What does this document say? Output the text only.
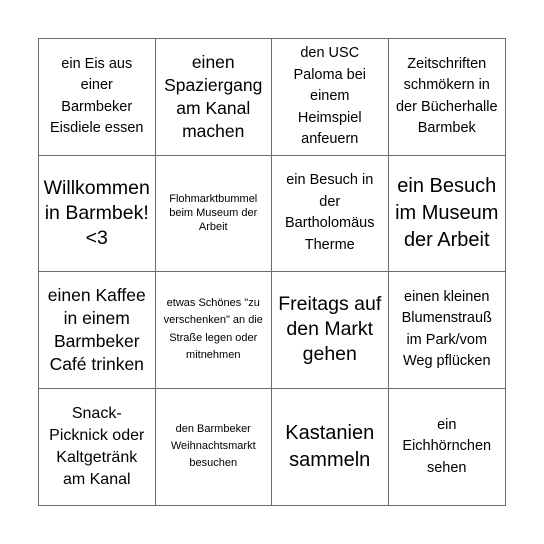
ein Eis aus einer Barmbeker Eisdiele essen
einen Spaziergang am Kanal machen
den USC Paloma bei einem Heimspiel anfeuern
Zeitschriften schmökern in der Bücherhalle Barmbek
Willkommen in Barmbek! <3
Flohmarktbummel beim Museum der Arbeit
ein Besuch in der Bartholomäus Therme
ein Besuch im Museum der Arbeit
einen Kaffee in einem Barmbeker Café trinken
etwas Schönes "zu verschenken" an die Straße legen oder mitnehmen
Freitags auf den Markt gehen
einen kleinen Blumenstrauß im Park/vom Weg pflücken
Snack-Picknick oder Kaltgetränk am Kanal
den Barmbeker Weihnachtsmarkt besuchen
Kastanien sammeln
ein Eichhörnchen sehen
